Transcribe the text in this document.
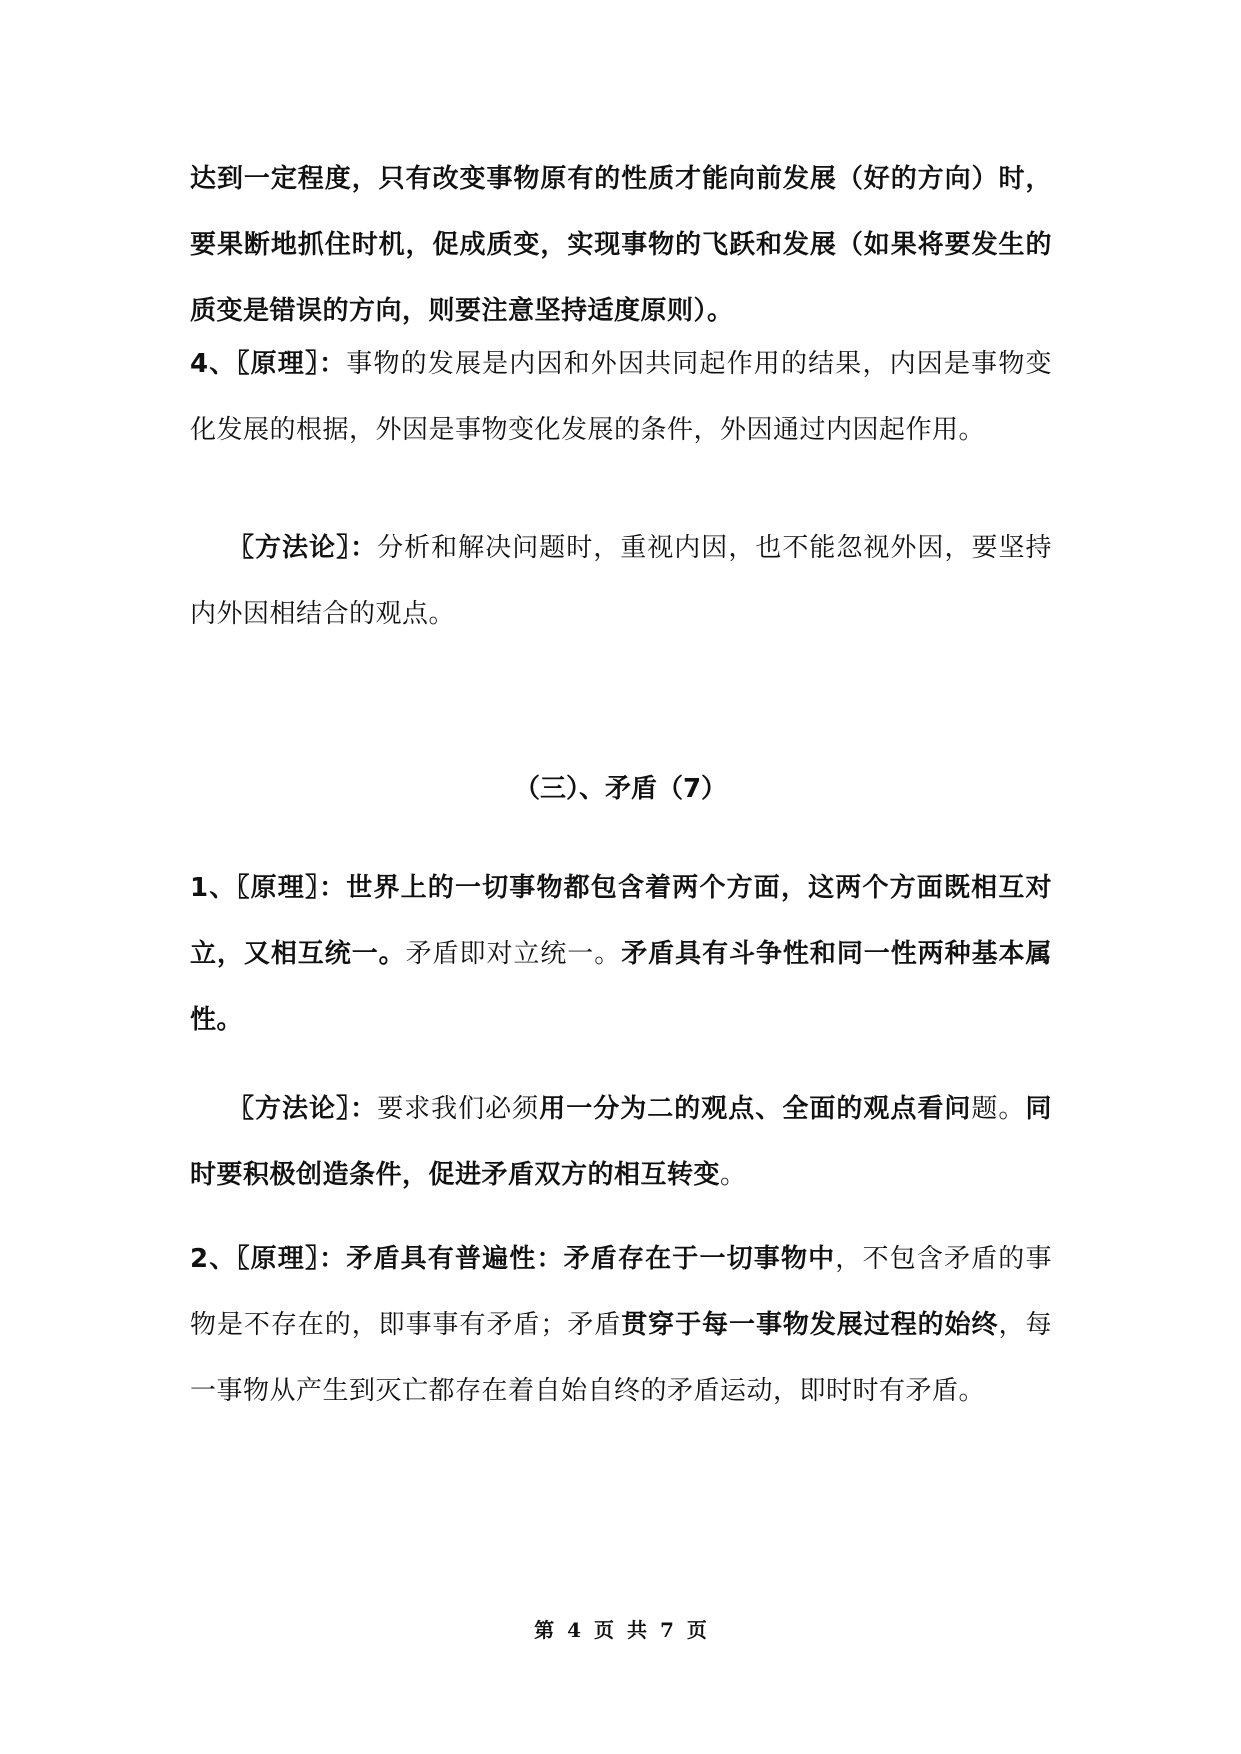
达到一定程度，只有改变事物原有的性质才能向前发展（好的方向）时，要果断地抓住时机，促成质变，实现事物的飞跃和发展（如果将要发生的质变是错误的方向，则要注意坚持适度原则）。

4、〖原理〗：事物的发展是内因和外因共同起作用的结果，内因是事物变化发展的根据，外因是事物变化发展的条件，外因通过内因起作用。

〖方法论〗：分析和解决问题时，重视内因，也不能忽视外因，要坚持内外因相结合的观点。

（三）、矛盾（7）

1、〖原理〗：世界上的一切事物都包含着两个方面，这两个方面既相互对立，又相互统一。矛盾即对立统一。矛盾具有斗争性和同一性两种基本属性。

〖方法论〗：要求我们必须用一分为二的观点、全面的观点看问题。同时要积极创造条件，促进矛盾双方的相互转变。

2、〖原理〗：矛盾具有普遍性：矛盾存在于一切事物中，不包含矛盾的事物是不存在的，即事事有矛盾；矛盾贯穿于每一事物发展过程的始终，每一事物从产生到灭亡都存在着自始自终的矛盾运动，即时时有矛盾。

第 4 页 共 7 页
